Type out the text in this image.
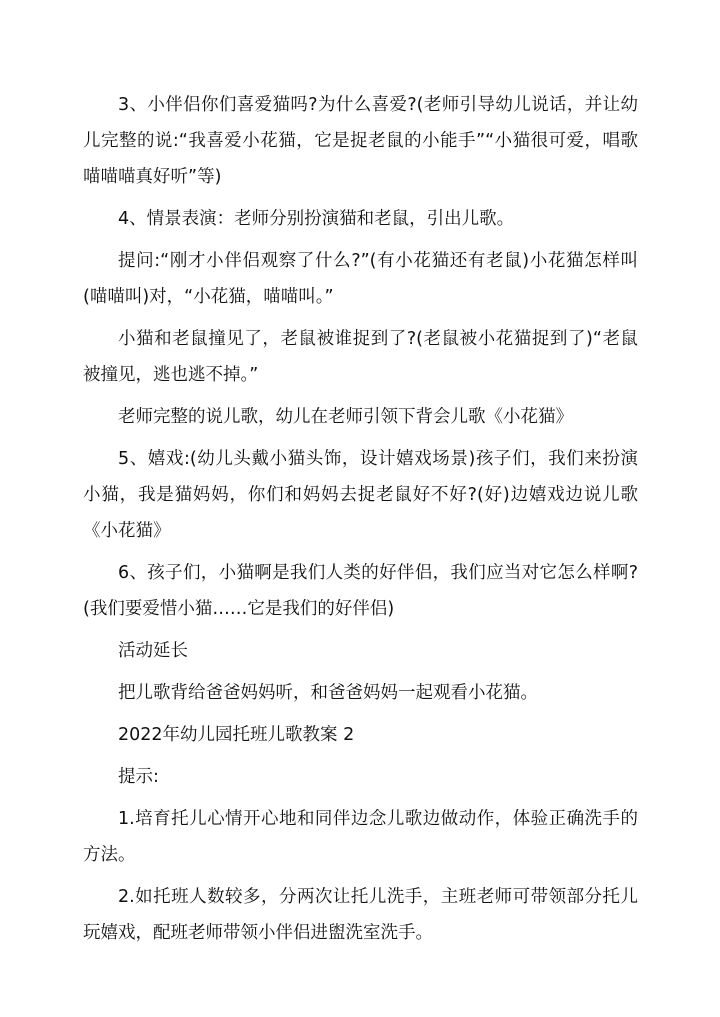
3、小伴侣你们喜爱猫吗?为什么喜爱?(老师引导幼儿说话，并让幼儿完整的说:“我喜爱小花猫，它是捉老鼠的小能手”“小猫很可爱，唱歌喵喵喵真好听”等)

4、情景表演：老师分别扮演猫和老鼠，引出儿歌。

提问:“刚才小伴侣观察了什么?”(有小花猫还有老鼠)小花猫怎样叫(喵喵叫)对，“小花猫，喵喵叫。”

小猫和老鼠撞见了，老鼠被谁捉到了?(老鼠被小花猫捉到了)“老鼠被撞见，逃也逃不掉。”

老师完整的说儿歌，幼儿在老师引领下背会儿歌《小花猫》

5、嬉戏:(幼儿头戴小猫头饰，设计嬉戏场景)孩子们，我们来扮演小猫，我是猫妈妈，你们和妈妈去捉老鼠好不好?(好)边嬉戏边说儿歌《小花猫》

6、孩子们，小猫啊是我们人类的好伴侣，我们应当对它怎么样啊?(我们要爱惜小猫……它是我们的好伴侣)

活动延长

把儿歌背给爸爸妈妈听，和爸爸妈妈一起观看小花猫。

2022年幼儿园托班儿歌教案 2

提示:

1.培育托儿心情开心地和同伴边念儿歌边做动作，体验正确洗手的方法。

2.如托班人数较多，分两次让托儿洗手，主班老师可带领部分托儿玩嬉戏，配班老师带领小伴侣进盥洗室洗手。
